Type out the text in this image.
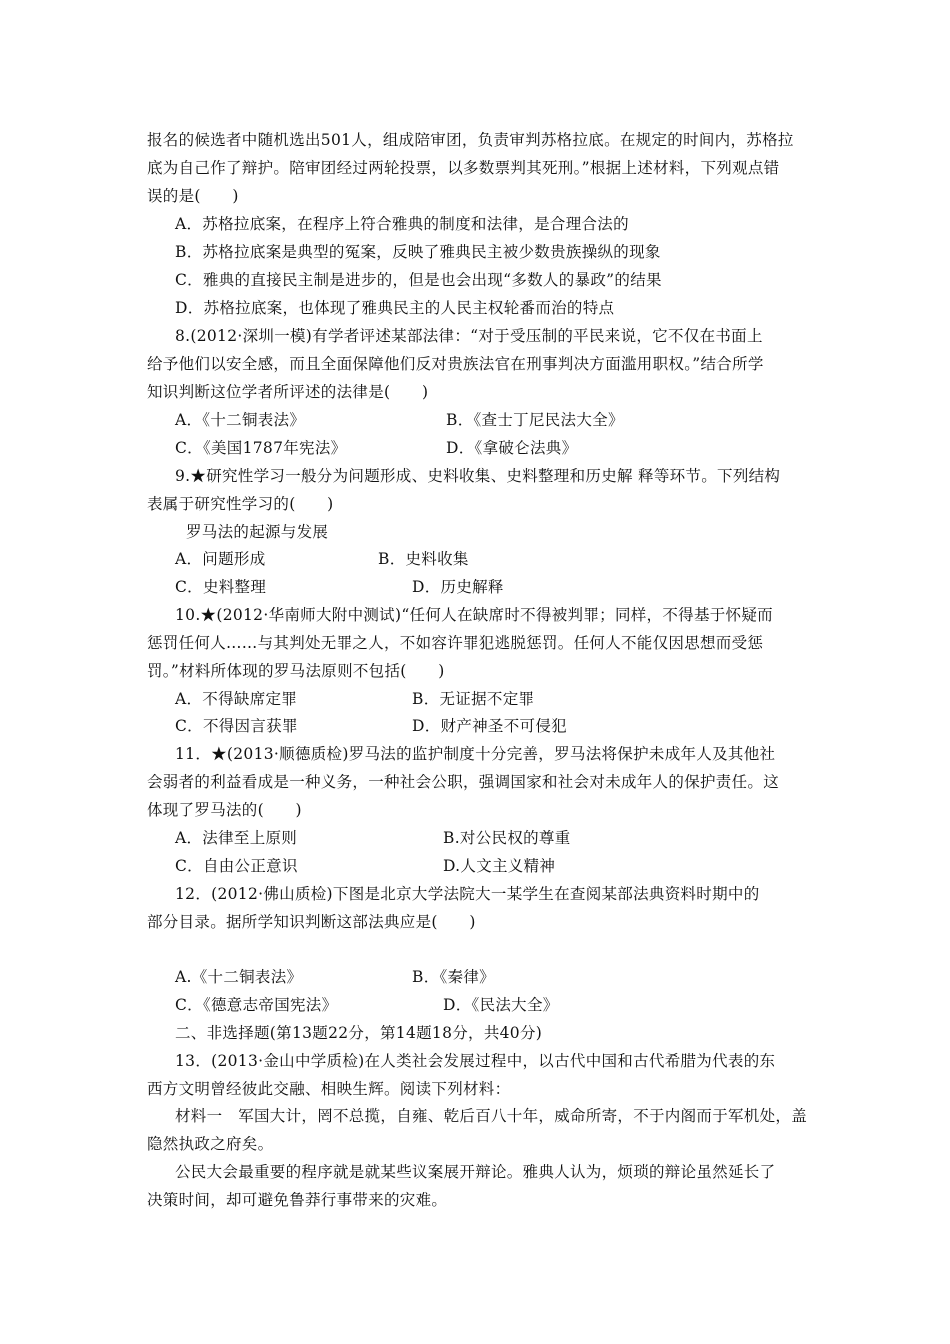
报名的候选者中随机选出501人，组成陪审团，负责审判苏格拉底。在规定的时间内，苏格拉
底为自己作了辩护。陪审团经过两轮投票，以多数票判其死刑。”根据上述材料，下列观点错
误的是(　　)
A．苏格拉底案，在程序上符合雅典的制度和法律，是合理合法的
B．苏格拉底案是典型的冤案，反映了雅典民主被少数贵族操纵的现象
C．雅典的直接民主制是进步的，但是也会出现“多数人的暴政”的结果
D．苏格拉底案，也体现了雅典民主的人民主权轮番而治的特点
8.(2012·深圳一模)有学者评述某部法律：“对于受压制的平民来说，它不仅在书面上
给予他们以安全感，而且全面保障他们反对贵族法官在刑事判决方面滥用职权。”结合所学
知识判断这位学者所评述的法律是(　　)
A．《十二铜表法》	B．《查士丁尼民法大全》
C．《美国1787年宪法》	D．《拿破仑法典》
9.★研究性学习一般分为问题形成、史料收集、史料整理和历史解 释等环节。下列结构
表属于研究性学习的(　　)
罗马法的起源与发展
A．问题形成	B．史料收集
C．史料整理	D．历史解释
10.★(2012·华南师大附中测试)“任何人在缺席时不得被判罪；同样，不得基于怀疑而
惩罚任何人……与其判处无罪之人，不如容许罪犯逃脱惩罚。任何人不能仅因思想而受惩
罚。”材料所体现的罗马法原则不包括(　　)
A．不得缺席定罪	B．无证据不定罪
C．不得因言获罪	D．财产神圣不可侵犯
11．★(2013·顺德质检)罗马法的监护制度十分完善，罗马法将保护未成年人及其他社
会弱者的利益看成是一种义务，一种社会公职，强调国家和社会对未成年人的保护责任。这
体现了罗马法的(　　)
A．法律至上原则	B.对公民权的尊重
C．自由公正意识	D.人文主义精神
12．(2012·佛山质检)下图是北京大学法院大一某学生在查阅某部法典资料时期中的
部分目录。据所学知识判断这部法典应是(　　)
A.《十二铜表法》	B．《秦律》
C．《德意志帝国宪法》	D．《民法大全》
二、非选择题(第13题22分，第14题18分，共40分)
13．(2013·金山中学质检)在人类社会发展过程中，以古代中国和古代希腊为代表的东
西方文明曾经彼此交融、相映生辉。阅读下列材料：
材料一　军国大计，罔不总揽，自雍、乾后百八十年，威命所寄，不于内阁而于军机处，盖
隐然执政之府矣。
公民大会最重要的程序就是就某些议案展开辩论。雅典人认为，烦琐的辩论虽然延长了
决策时间，却可避免鲁莽行事带来的灾难。
